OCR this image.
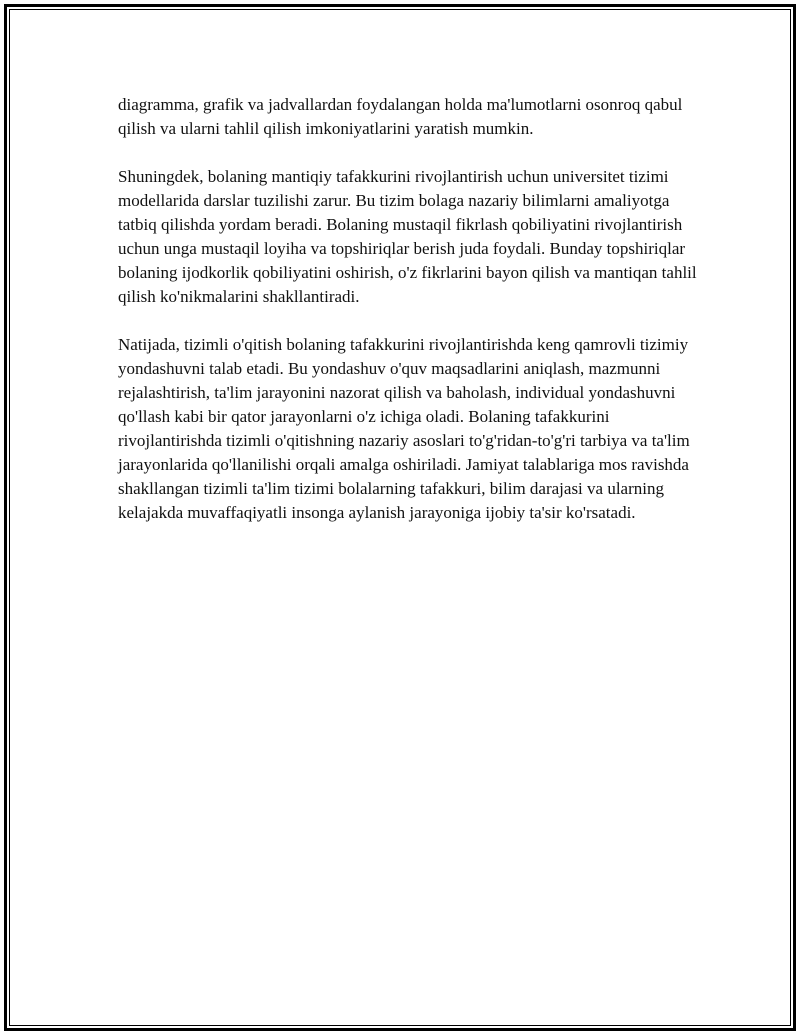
diagramma, grafik va jadvallardan foydalangan holda ma'lumotlarni osonroq qabul qilish va ularni tahlil qilish imkoniyatlarini yaratish mumkin.

Shuningdek, bolaning mantiqiy tafakkurini rivojlantirish uchun universitet tizimi modellarida darslar tuzilishi zarur. Bu tizim bolaga nazariy bilimlarni amaliyotga tatbiq qilishda yordam beradi. Bolaning mustaqil fikrlash qobiliyatini rivojlantirish uchun unga mustaqil loyiha va topshiriqlar berish juda foydali. Bunday topshiriqlar bolaning ijodkorlik qobiliyatini oshirish, o'z fikrlarini bayon qilish va mantiqan tahlil qilish ko'nikmalarini shakllantiradi.

Natijada, tizimli o'qitish bolaning tafakkurini rivojlantirishda keng qamrovli tizimiy yondashuvni talab etadi. Bu yondashuv o'quv maqsadlarini aniqlash, mazmunni rejalashtirish, ta'lim jarayonini nazorat qilish va baholash, individual yondashuvni qo'llash kabi bir qator jarayonlarni o'z ichiga oladi. Bolaning tafakkurini rivojlantirishda tizimli o'qitishning nazariy asoslari to'g'ridan-to'g'ri tarbiya va ta'lim jarayonlarida qo'llanilishi orqali amalga oshiriladi. Jamiyat talablariga mos ravishda shakllangan tizimli ta'lim tizimi bolalarning tafakkuri, bilim darajasi va ularning kelajakda muvaffaqiyatli insonga aylanish jarayoniga ijobiy ta'sir ko'rsatadi.
